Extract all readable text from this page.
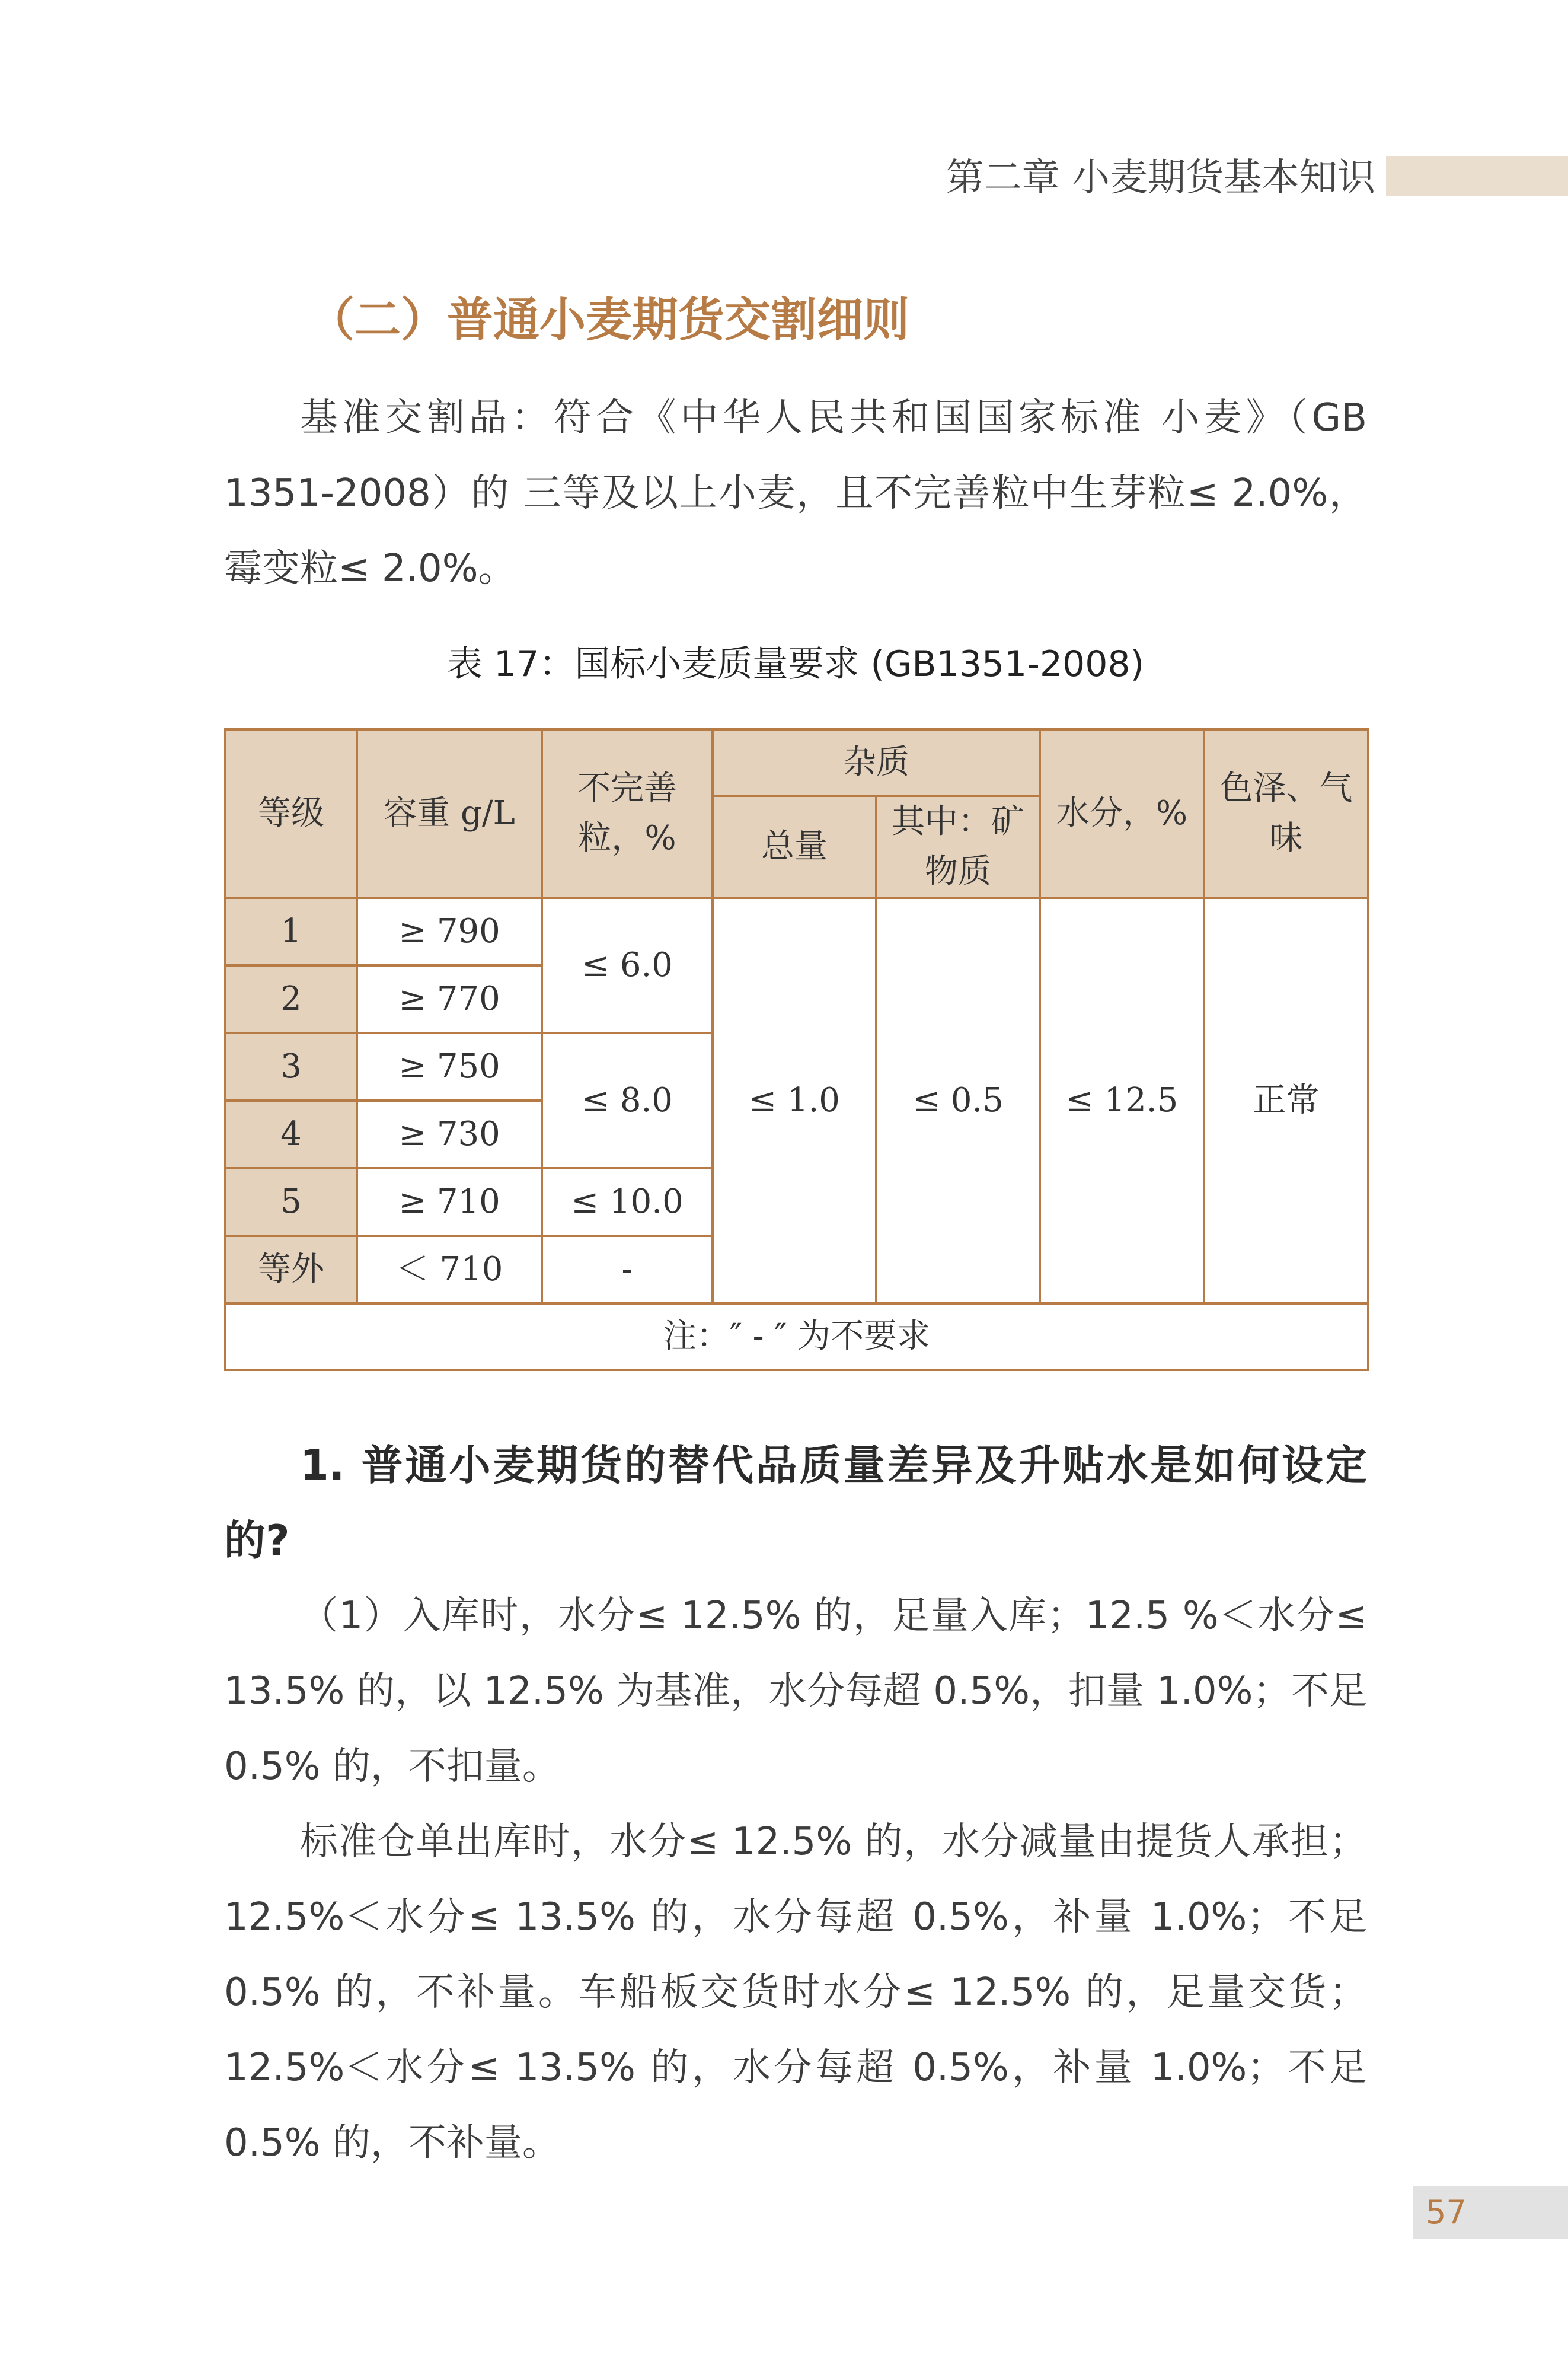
第二章 小麦期货基本知识
（二）普通小麦期货交割细则

基准交割品：符合《中华人民共和国国家标准 小麦》（GB 1351-2008）的 三等及以上小麦，且不完善粒中生芽粒≤ 2.0%，霉变粒≤ 2.0%。

表 17：国标小麦质量要求 (GB1351-2008)
等级	容重 g/L	不完善粒，%	杂质		水分，%	色泽、气味
			总量	其中：矿物质		
1	≥ 790	≤ 6.0	≤ 1.0	≤ 0.5	≤ 12.5	正常
2	≥ 770					
3	≥ 750	≤ 8.0				
4	≥ 730					
5	≥ 710	≤ 10.0				
等外	＜ 710	-				
注：″ - ″ 为不要求						

1. 普通小麦期货的替代品质量差异及升贴水是如何设定的?

（1）入库时，水分≤ 12.5% 的，足量入库；12.5 %＜水分≤ 13.5% 的，以 12.5% 为基准，水分每超 0.5%，扣量 1.0%；不足 0.5% 的，不扣量。

标准仓单出库时，水分≤ 12.5% 的，水分减量由提货人承担；12.5%＜水分≤ 13.5% 的，水分每超 0.5%，补量 1.0%；不足 0.5% 的，不补量。车船板交货时水分≤ 12.5% 的，足量交货；12.5%＜水分≤ 13.5% 的，水分每超 0.5%，补量 1.0%；不足 0.5% 的，不补量。

57
